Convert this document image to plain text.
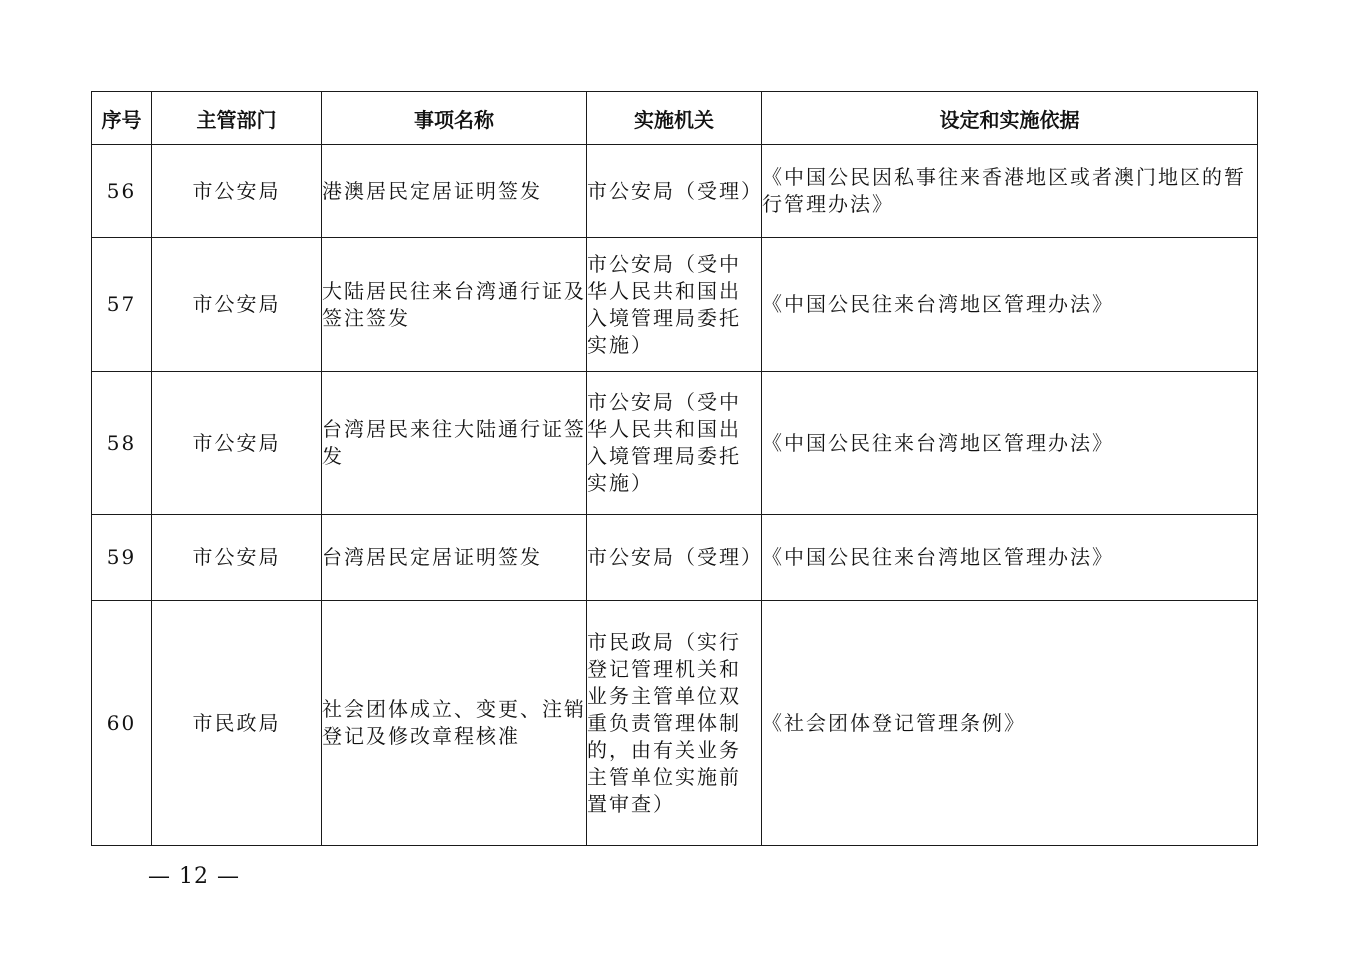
序号	主管部门	事项名称	实施机关	设定和实施依据
56	市公安局	港澳居民定居证明签发	市公安局（受理）	《中国公民因私事往来香港地区或者澳门地区的暂行管理办法》
57	市公安局	大陆居民往来台湾通行证及签注签发	市公安局（受中华人民共和国出入境管理局委托实施）	《中国公民往来台湾地区管理办法》
58	市公安局	台湾居民来往大陆通行证签发	市公安局（受中华人民共和国出入境管理局委托实施）	《中国公民往来台湾地区管理办法》
59	市公安局	台湾居民定居证明签发	市公安局（受理）	《中国公民往来台湾地区管理办法》
60	市民政局	社会团体成立、变更、注销登记及修改章程核准	市民政局（实行登记管理机关和业务主管单位双重负责管理体制的，由有关业务主管单位实施前置审查）	《社会团体登记管理条例》
— 12 —
